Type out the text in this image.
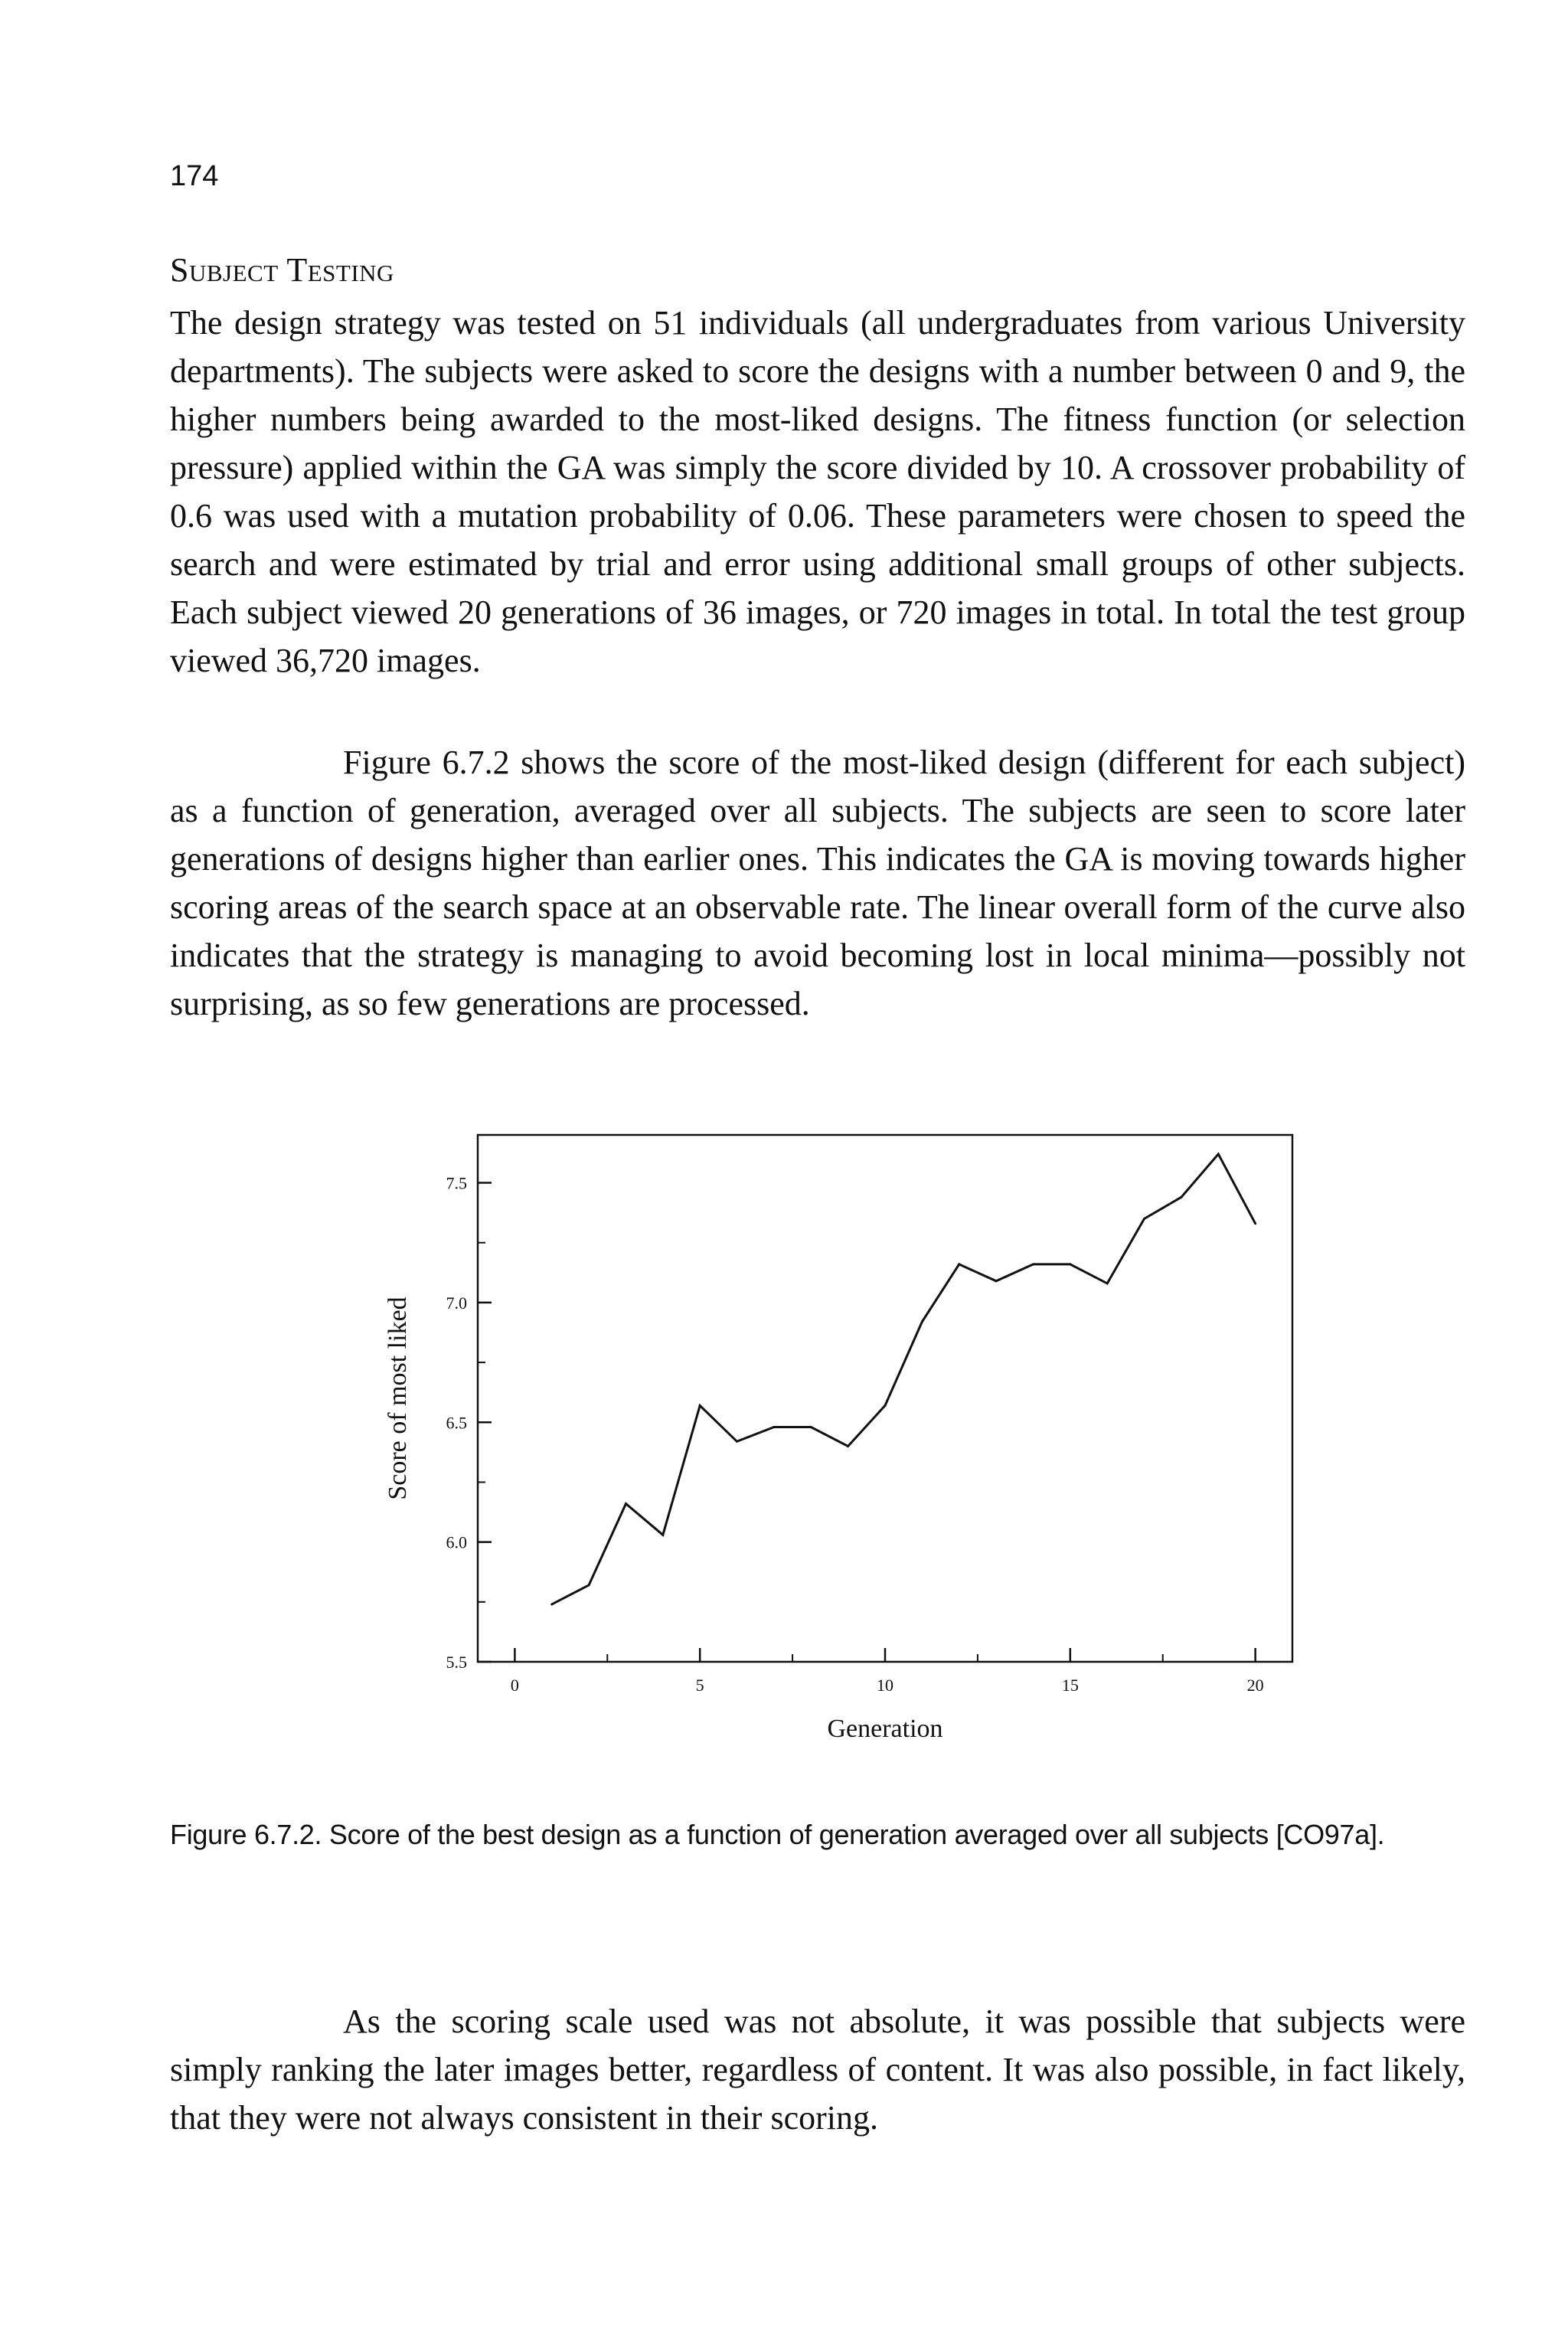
174
Subject Testing

The design strategy was tested on 51 individuals (all undergraduates from various University departments). The subjects were asked to score the designs with a number between 0 and 9, the higher numbers being awarded to the most-liked designs. The fitness function (or selection pressure) applied within the GA was simply the score divided by 10. A crossover probability of 0.6 was used with a mutation probability of 0.06. These parameters were chosen to speed the search and were estimated by trial and error using additional small groups of other subjects. Each subject viewed 20 generations of 36 images, or 720 images in total. In total the test group viewed 36,720 images.

Figure 6.7.2 shows the score of the most-liked design (different for each subject) as a function of generation, averaged over all subjects. The subjects are seen to score later generations of designs higher than earlier ones. This indicates the GA is moving towards higher scoring areas of the search space at an observable rate. The linear overall form of the curve also indicates that the strategy is managing to avoid becoming lost in local minima—possibly not surprising, as so few generations are processed.

5.5
6.0
6.5
7.0
7.5
0	5	10	15	20
Generation
Score of most liked
Figure 6.7.2. Score of the best design as a function of generation averaged over all subjects [CO97a].

As the scoring scale used was not absolute, it was possible that subjects were simply ranking the later images better, regardless of content. It was also possible, in fact likely, that they were not always consistent in their scoring.
